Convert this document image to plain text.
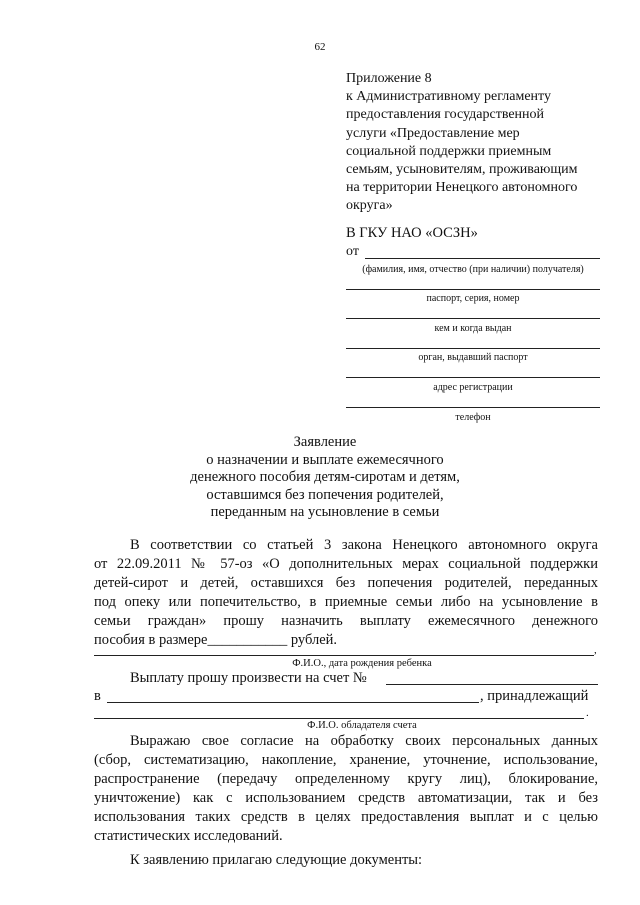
62
Приложение 8
к Административному регламенту
предоставления государственной
услуги «Предоставление мер
социальной поддержки приемным
семьям, усыновителям, проживающим
на территории Ненецкого автономного
округа»
В ГКУ НАО «ОСЗН»
от
(фамилия, имя, отчество (при наличии) получателя)
паспорт, серия, номер
кем и когда выдан
орган, выдавший паспорт
адрес регистрации
телефон
Заявление
о назначении и выплате ежемесячного
денежного пособия детям-сиротам и детям,
оставшимся без попечения родителей,
переданным на усыновление в семьи
В соответствии со статьей 3 закона Ненецкого автономного округа
от 22.09.2011 № 57-оз «О дополнительных мерах социальной поддержки
детей-сирот и детей, оставшихся без попечения родителей, переданных
под опеку или попечительство, в приемные семьи либо на усыновление в
семьи граждан» прошу назначить выплату ежемесячного денежного
пособия в размере___________ рублей.
,
Ф.И.О., дата рождения ребенка
Выплату прошу произвести на счет №
в	, принадлежащий
.
Ф.И.О. обладателя счета
Выражаю свое согласие на обработку своих персональных данных
(сбор, систематизацию, накопление, хранение, уточнение, использование,
распространение (передачу определенному кругу лиц), блокирование,
уничтожение) как с использованием средств автоматизации, так и без
использования таких средств в целях предоставления выплат и с целью
статистических исследований.
К заявлению прилагаю следующие документы:
